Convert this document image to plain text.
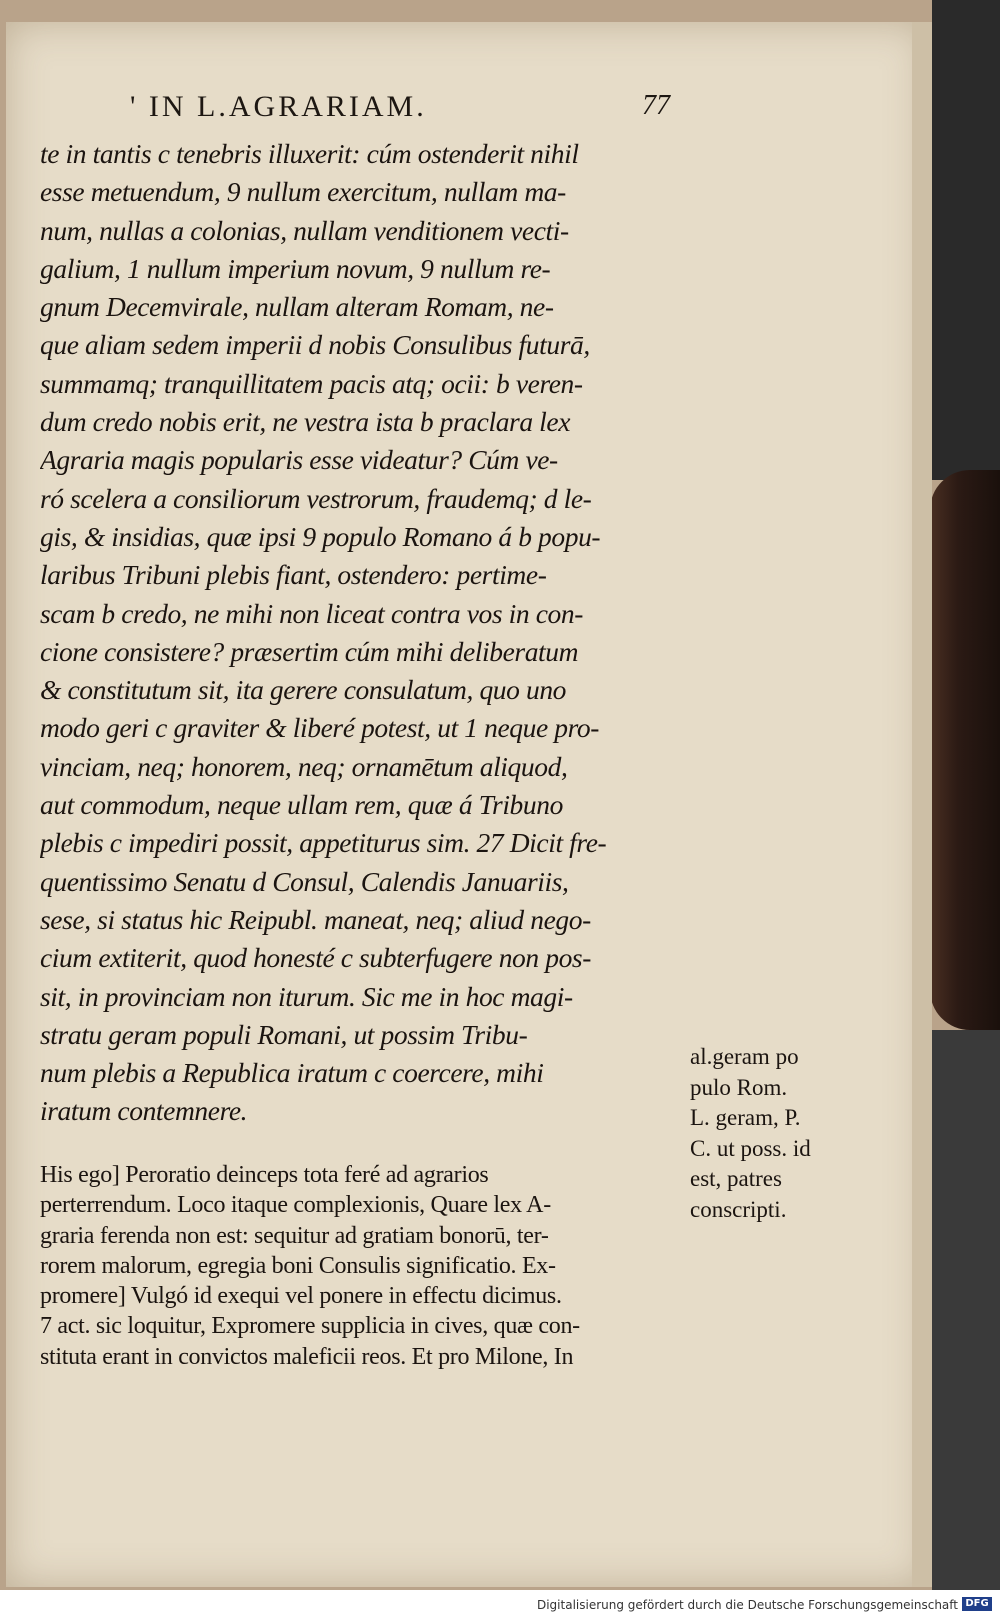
' IN L.AGRARIAM.	77
te in tantis c tenebris illuxerit: cúm ostenderit nihil
esse metuendum, 9 nullum exercitum, nullam ma-
num, nullas a colonias, nullam venditionem vecti-
galium, 1 nullum imperium novum, 9 nullum re-
gnum Decemvirale, nullam alteram Romam, ne-
que aliam sedem imperii d nobis Consulibus futurā,
summamq; tranquillitatem pacis atq; ocii: b veren-
dum credo nobis erit, ne vestra ista b praclara lex
Agraria magis popularis esse videatur? Cúm ve-
ró scelera a consiliorum vestrorum, fraudemq; d le-
gis, & insidias, quæ ipsi 9 populo Romano á b popu-
laribus Tribuni plebis fiant, ostendero: pertime-
scam b credo, ne mihi non liceat contra vos in con-
cione consistere? præsertim cúm mihi deliberatum
& constitutum sit, ita gerere consulatum, quo uno
modo geri c graviter & liberé potest, ut 1 neque pro-
vinciam, neq; honorem, neq; ornamētum aliquod,
aut commodum, neque ullam rem, quæ á Tribuno
plebis c impediri possit, appetiturus sim. 27 Dicit fre-
quentissimo Senatu d Consul, Calendis Januariis,
sese, si status hic Reipubl. maneat, neq; aliud nego-
cium extiterit, quod honesté c subterfugere non pos-
sit, in provinciam non iturum. Sic me in hoc magi-
stratu geram populi Romani, ut possim Tribu-
num plebis a Republica iratum c coercere, mihi
iratum contemnere.
His ego] Peroratio deinceps tota feré ad agrarios
perterrendum. Loco itaque complexionis, Quare lex A-
graria ferenda non est: sequitur ad gratiam bonorū, ter-
rorem malorum, egregia boni Consulis significatio. Ex-
promere] Vulgó id exequi vel ponere in effectu dicimus.
7 act. sic loquitur, Expromere supplicia in cives, quæ con-
stituta erant in convictos maleficii reos. Et pro Milone, In
al.geram po
pulo Rom.
L. geram, P.
C. ut poss. id
est, patres
conscripti.
Digitalisierung gefördert durch die Deutsche Forschungsgemeinschaft DFG
